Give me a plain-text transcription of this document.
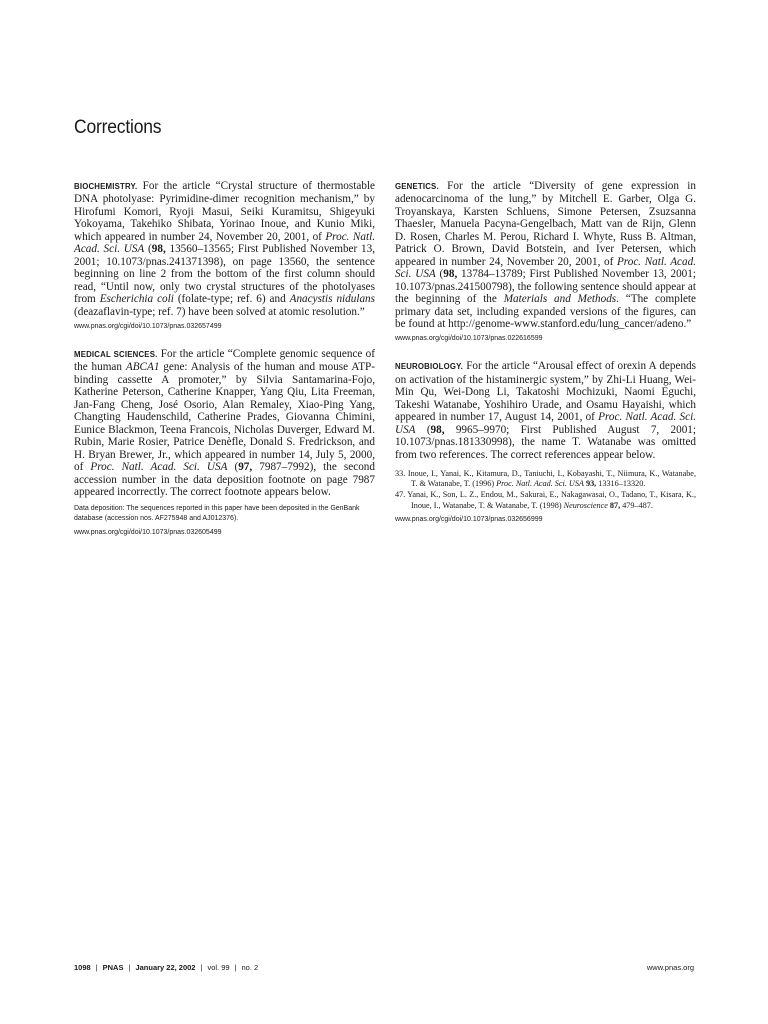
Corrections

BIOCHEMISTRY. For the article “Crystal structure of thermostable DNA photolyase: Pyrimidine-dimer recognition mechanism,” by Hirofumi Komori, Ryoji Masui, Seiki Kuramitsu, Shigeyuki Yokoyama, Takehiko Shibata, Yorinao Inoue, and Kunio Miki, which appeared in number 24, November 20, 2001, of Proc. Natl. Acad. Sci. USA (98, 13560–13565; First Published November 13, 2001; 10.1073/pnas.241371398), on page 13560, the sentence beginning on line 2 from the bottom of the first column should read, “Until now, only two crystal structures of the photolyases from Escherichia coli (folate-type; ref. 6) and Anacystis nidulans (deazaflavin-type; ref. 7) have been solved at atomic resolution.”

www.pnas.org/cgi/doi/10.1073/pnas.032657499

MEDICAL SCIENCES. For the article “Complete genomic sequence of the human ABCA1 gene: Analysis of the human and mouse ATP-binding cassette A promoter,” by Silvia Santamarina-Fojo, Katherine Peterson, Catherine Knapper, Yang Qiu, Lita Freeman, Jan-Fang Cheng, José Osorio, Alan Remaley, Xiao-Ping Yang, Changting Haudenschild, Catherine Prades, Giovanna Chimini, Eunice Blackmon, Teena Francois, Nicholas Duverger, Edward M. Rubin, Marie Rosier, Patrice Denèfle, Donald S. Fredrickson, and H. Bryan Brewer, Jr., which appeared in number 14, July 5, 2000, of Proc. Natl. Acad. Sci. USA (97, 7987–7992), the second accession number in the data deposition footnote on page 7987 appeared incorrectly. The correct footnote appears below.

Data deposition: The sequences reported in this paper have been deposited in the GenBank database (accession nos. AF275948 and AJ012376).

www.pnas.org/cgi/doi/10.1073/pnas.032605499

GENETICS. For the article “Diversity of gene expression in adenocarcinoma of the lung,” by Mitchell E. Garber, Olga G. Troyanskaya, Karsten Schluens, Simone Petersen, Zsuzsanna Thaesler, Manuela Pacyna-Gengelbach, Matt van de Rijn, Glenn D. Rosen, Charles M. Perou, Richard I. Whyte, Russ B. Altman, Patrick O. Brown, David Botstein, and Iver Petersen, which appeared in number 24, November 20, 2001, of Proc. Natl. Acad. Sci. USA (98, 13784–13789; First Published November 13, 2001; 10.1073/pnas.241500798), the following sentence should appear at the beginning of the Materials and Methods. “The complete primary data set, including expanded versions of the figures, can be found at http://genome-www.stanford.edu/lung_cancer/adeno.”

www.pnas.org/cgi/doi/10.1073/pnas.022616599

NEUROBIOLOGY. For the article “Arousal effect of orexin A depends on activation of the histaminergic system,” by Zhi-Li Huang, Wei-Min Qu, Wei-Dong Li, Takatoshi Mochizuki, Naomi Eguchi, Takeshi Watanabe, Yoshihiro Urade, and Osamu Hayaishi, which appeared in number 17, August 14, 2001, of Proc. Natl. Acad. Sci. USA (98, 9965–9970; First Published August 7, 2001; 10.1073/pnas.181330998), the name T. Watanabe was omitted from two references. The correct references appear below.

33. Inoue, I., Yanai, K., Kitamura, D., Taniuchi, I., Kobayashi, T., Niimura, K., Watanabe, T. & Watanabe, T. (1996) Proc. Natl. Acad. Sci. USA 93, 13316–13320.
47. Yanai, K., Son, L. Z., Endou, M., Sakurai, E., Nakagawasai, O., Tadano, T., Kisara, K., Inoue, I., Watanabe, T. & Watanabe, T. (1998) Neuroscience 87, 479–487.

www.pnas.org/cgi/doi/10.1073/pnas.032656999

1098 | PNAS | January 22, 2002 | vol. 99 | no. 2	www.pnas.org
